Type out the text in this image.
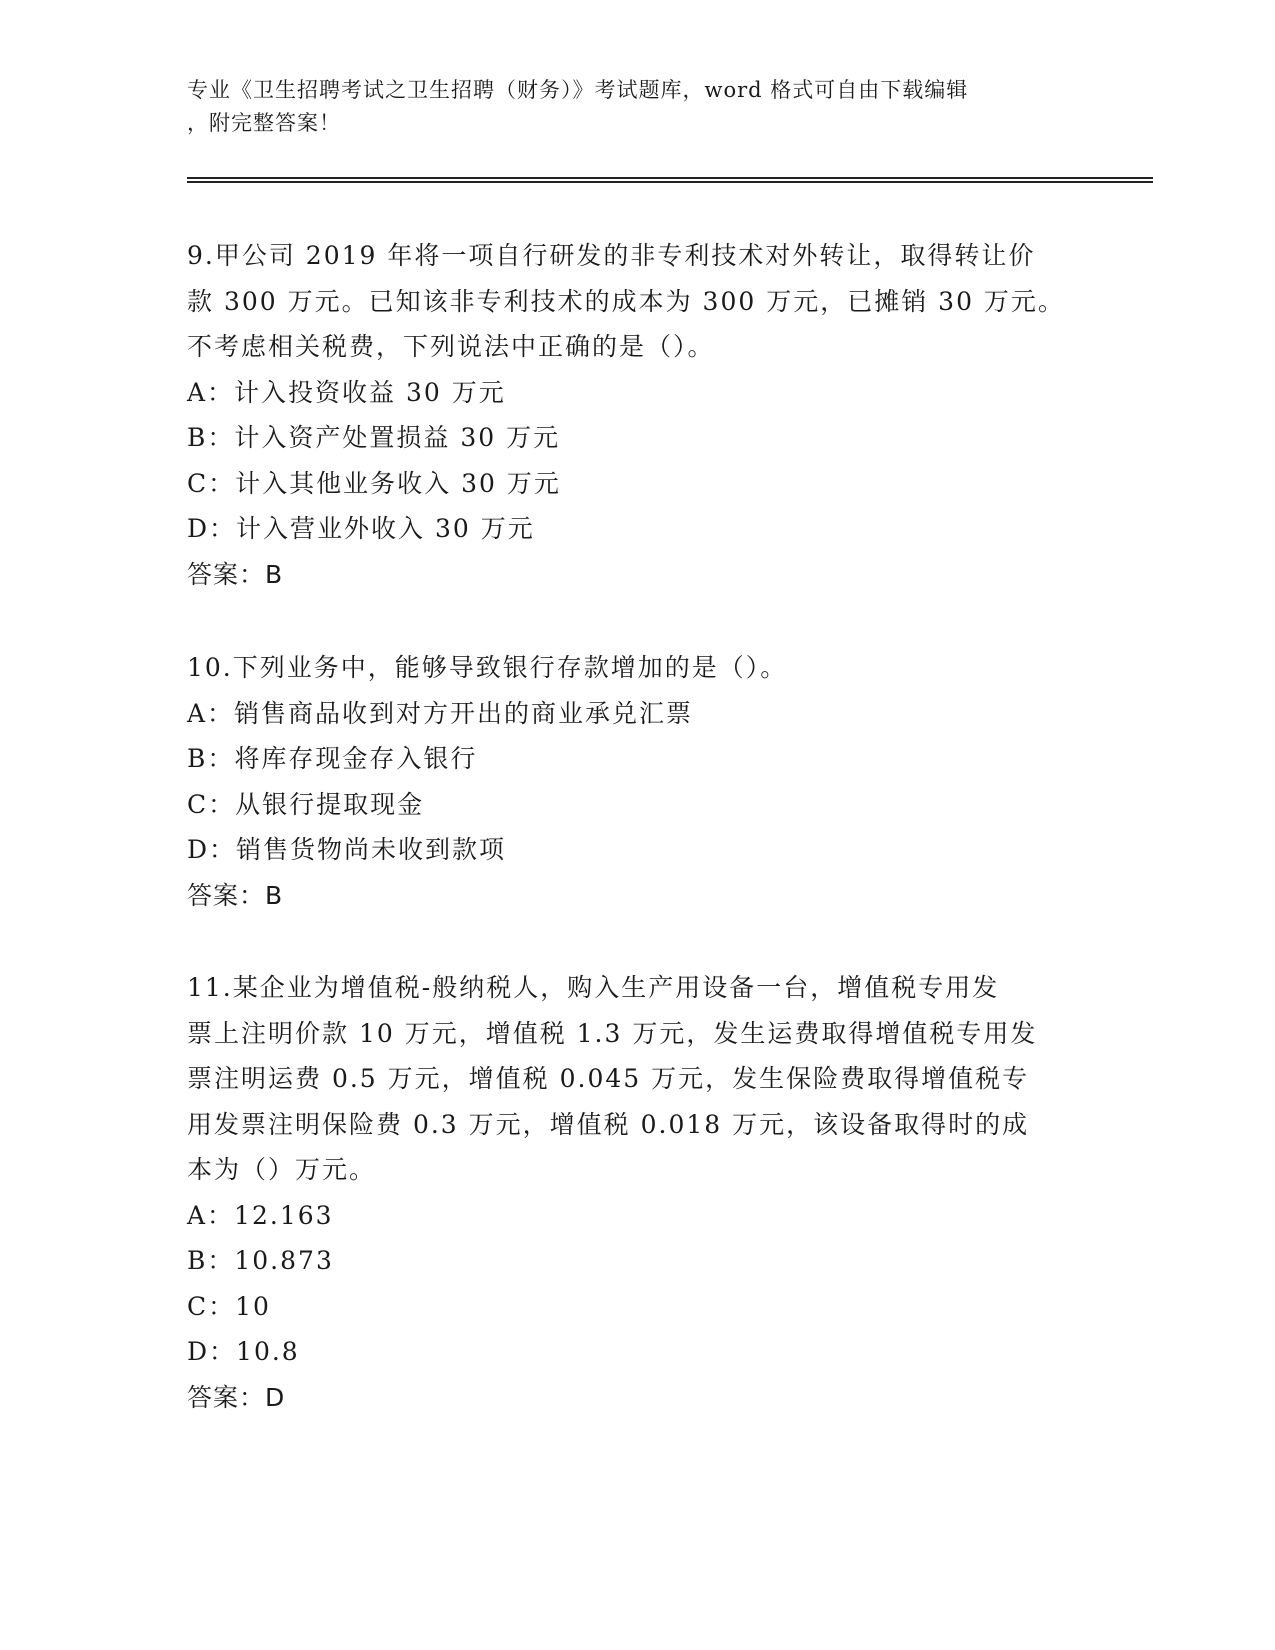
专业《卫生招聘考试之卫生招聘（财务）》考试题库，word 格式可自由下载编辑
，附完整答案！

9.甲公司 2019 年将一项自行研发的非专利技术对外转让，取得转让价

款 300 万元。已知该非专利技术的成本为 300 万元，已摊销 30 万元。

不考虑相关税费，下列说法中正确的是（）。

A：计入投资收益 30 万元

B：计入资产处置损益 30 万元

C：计入其他业务收入 30 万元

D：计入营业外收入 30 万元

答案：B

10.下列业务中，能够导致银行存款增加的是（）。

A：销售商品收到对方开出的商业承兑汇票

B：将库存现金存入银行

C：从银行提取现金

D：销售货物尚未收到款项

答案：B

11.某企业为增值税-般纳税人，购入生产用设备一台，增值税专用发

票上注明价款 10 万元，增值税 1.3 万元，发生运费取得增值税专用发

票注明运费 0.5 万元，增值税 0.045 万元，发生保险费取得增值税专

用发票注明保险费 0.3 万元，增值税 0.018 万元，该设备取得时的成

本为（）万元。

A：12.163

B：10.873

C：10

D：10.8

答案：D
